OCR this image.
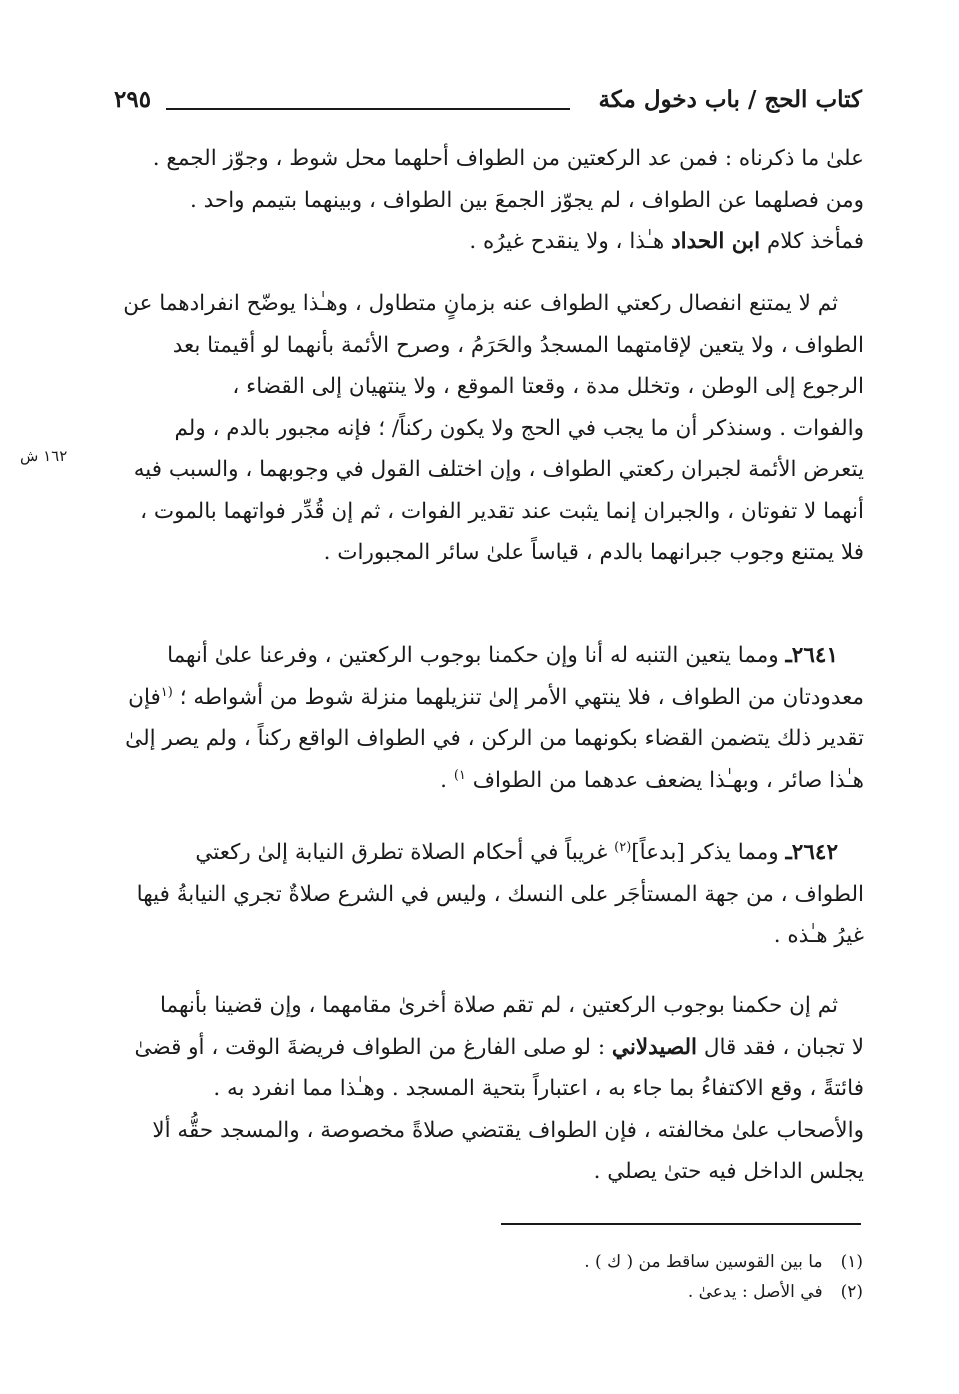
كتاب الحج / باب دخول مكة
٢٩٥
١٦٢ ش

علىٰ ما ذكرناه : فمن عد الركعتين من الطواف أحلهما محل شوط ، وجوّز الجمع .

ومن فصلهما عن الطواف ، لم يجوّز الجمعَ بين الطواف ، وبينهما بتيمم واحد .

فمأخذ كلام ابن الحداد هـٰذا ، ولا ينقدح غيرُه .

ثم لا يمتنع انفصال ركعتي الطواف عنه بزمانٍ متطاول ، وهـٰذا يوضّح انفرادهما عن

الطواف ، ولا يتعين لإقامتهما المسجدُ والحَرَمُ ، وصرح الأئمة بأنهما لو أقيمتا بعد

الرجوع إلى الوطن ، وتخلل مدة ، وقعتا الموقع ، ولا ينتهيان إلى القضاء ،

والفوات . وسنذكر أن ما يجب في الحج ولا يكون ركناً/ ؛ فإنه مجبور بالدم ، ولم

يتعرض الأئمة لجبران ركعتي الطواف ، وإن اختلف القول في وجوبهما ، والسبب فيه

أنهما لا تفوتان ، والجبران إنما يثبت عند تقدير الفوات ، ثم إن قُدِّر فواتهما بالموت ،

فلا يمتنع وجوب جبرانهما بالدم ، قياساً علىٰ سائر المجبورات .

٢٦٤١ـ ومما يتعين التنبه له أنا وإن حكمنا بوجوب الركعتين ، وفرعنا علىٰ أنهما

معدودتان من الطواف ، فلا ينتهي الأمر إلىٰ تنزيلهما منزلة شوط من أشواطه ؛ $^{(١}$فإن

تقدير ذلك يتضمن القضاء بكونهما من الركن ، في الطواف الواقع ركناً ، ولم يصر إلىٰ

هـٰذا صائر ، وبهـٰذا يضعف عدهما من الطواف $^{١)}$ .

٢٦٤٢ـ ومما يذكر [بدعاً]$^{(٢)}$ غريباً في أحكام الصلاة تطرق النيابة إلىٰ ركعتي

الطواف ، من جهة المستأجَر على النسك ، وليس في الشرع صلاةٌ تجري النيابةُ فيها

غيرُ هـٰذه .

ثم إن حكمنا بوجوب الركعتين ، لم تقم صلاة أخرىٰ مقامهما ، وإن قضينا بأنهما

لا تجبان ، فقد قال الصيدلاني : لو صلى الفارغ من الطواف فريضةَ الوقت ، أو قضىٰ

فائتةً ، وقع الاكتفاءُ بما جاء به ، اعتباراً بتحية المسجد . وهـٰذا مما انفرد به .

والأصحاب علىٰ مخالفته ، فإن الطواف يقتضي صلاةً مخصوصة ، والمسجد حقُّه ألا

يجلس الداخل فيه حتىٰ يصلي .

(١)ما بين القوسين ساقط من ( ك ) .
(٢)في الأصل : يدعىٰ .
